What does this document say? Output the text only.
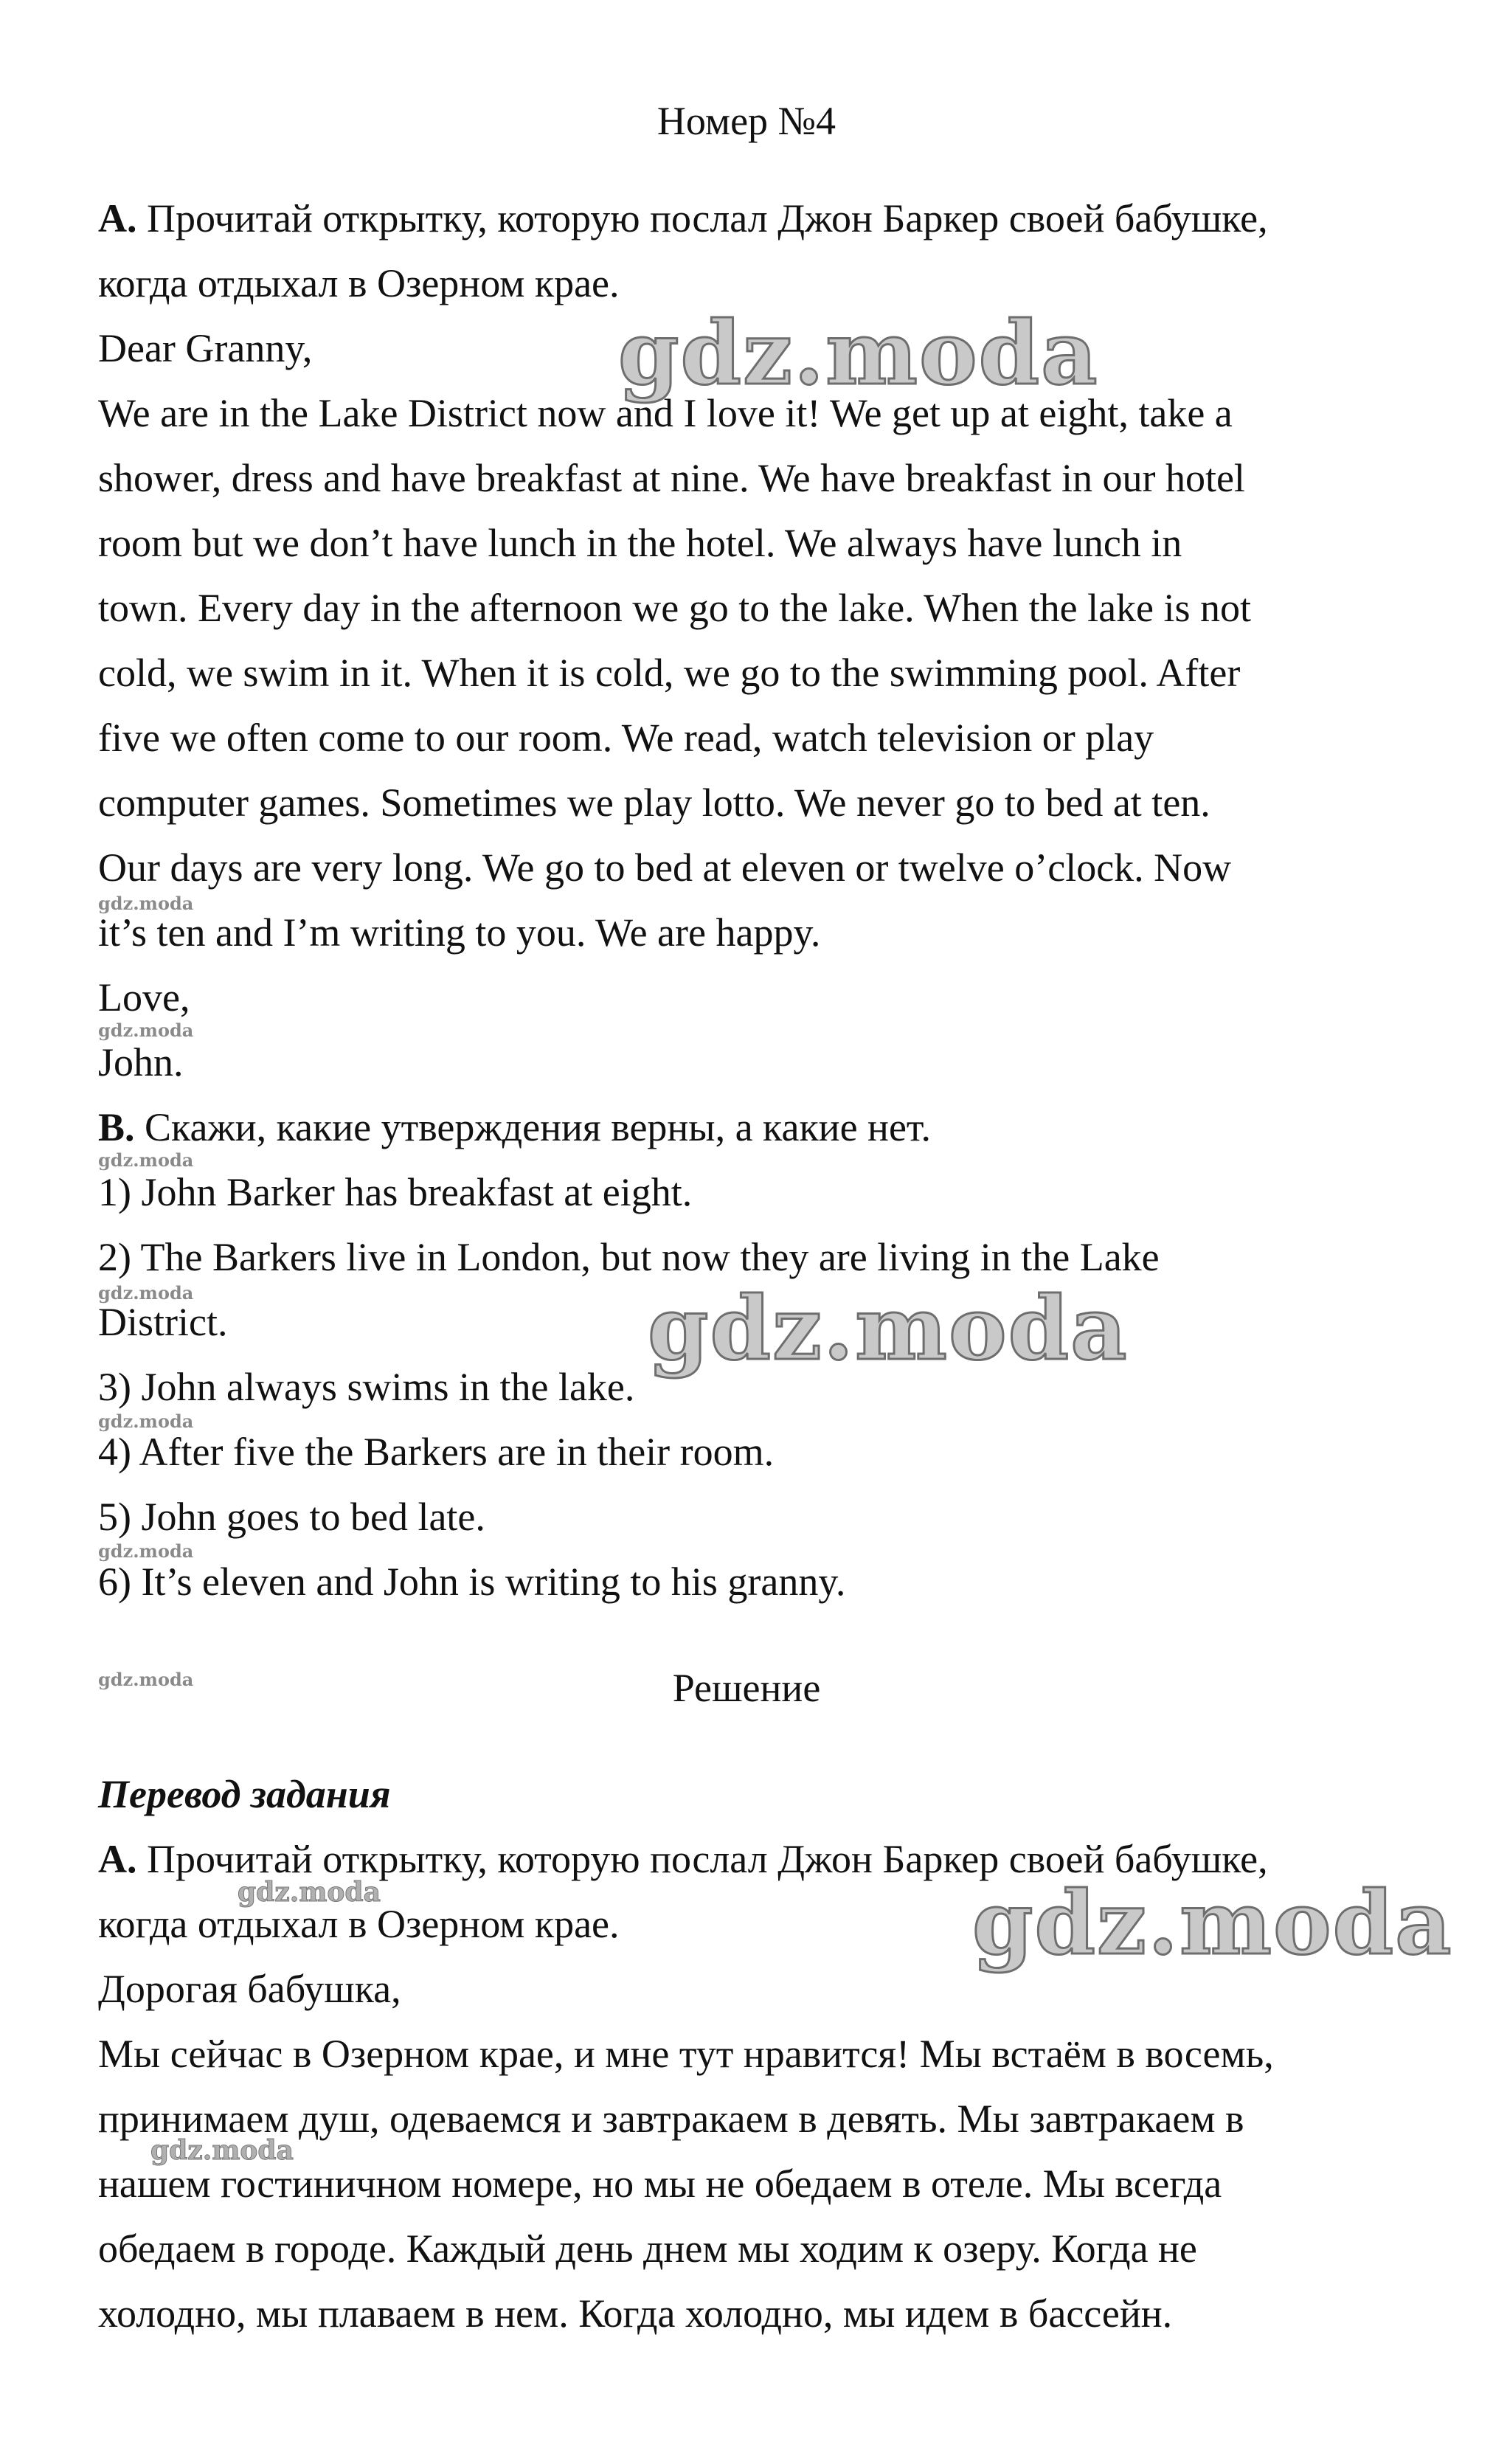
Номер №4
A. Прочитай открытку, которую послал Джон Баркер своей бабушке,
когда отдыхал в Озерном крае.
Dear Granny,
We are in the Lake District now and I love it! We get up at eight, take a
shower, dress and have breakfast at nine. We have breakfast in our hotel
room but we don’t have lunch in the hotel. We always have lunch in
town. Every day in the afternoon we go to the lake. When the lake is not
cold, we swim in it. When it is cold, we go to the swimming pool. After
five we often come to our room. We read, watch television or play
computer games. Sometimes we play lotto. We never go to bed at ten.
Our days are very long. We go to bed at eleven or twelve o’clock. Now
it’s ten and I’m writing to you. We are happy.
Love,
John.
B. Скажи, какие утверждения верны, а какие нет.
1) John Barker has breakfast at eight.
2) The Barkers live in London, but now they are living in the Lake
District.
3) John always swims in the lake.
4) After five the Barkers are in their room.
5) John goes to bed late.
6) It’s eleven and John is writing to his granny.
Решение
Перевод задания
A. Прочитай открытку, которую послал Джон Баркер своей бабушке,
когда отдыхал в Озерном крае.
Дорогая бабушка,
Мы сейчас в Озерном крае, и мне тут нравится! Мы встаём в восемь,
принимаем душ, одеваемся и завтракаем в девять. Мы завтракаем в
нашем гостиничном номере, но мы не обедаем в отеле. Мы всегда
обедаем в городе. Каждый день днем мы ходим к озеру. Когда не
холодно, мы плаваем в нем. Когда холодно, мы идем в бассейн.
gdz.moda
gdz.moda
gdz.moda
gdz.moda
gdz.moda
gdz.moda
gdz.moda
gdz.moda
gdz.moda
gdz.moda
gdz.moda
gdz.moda
